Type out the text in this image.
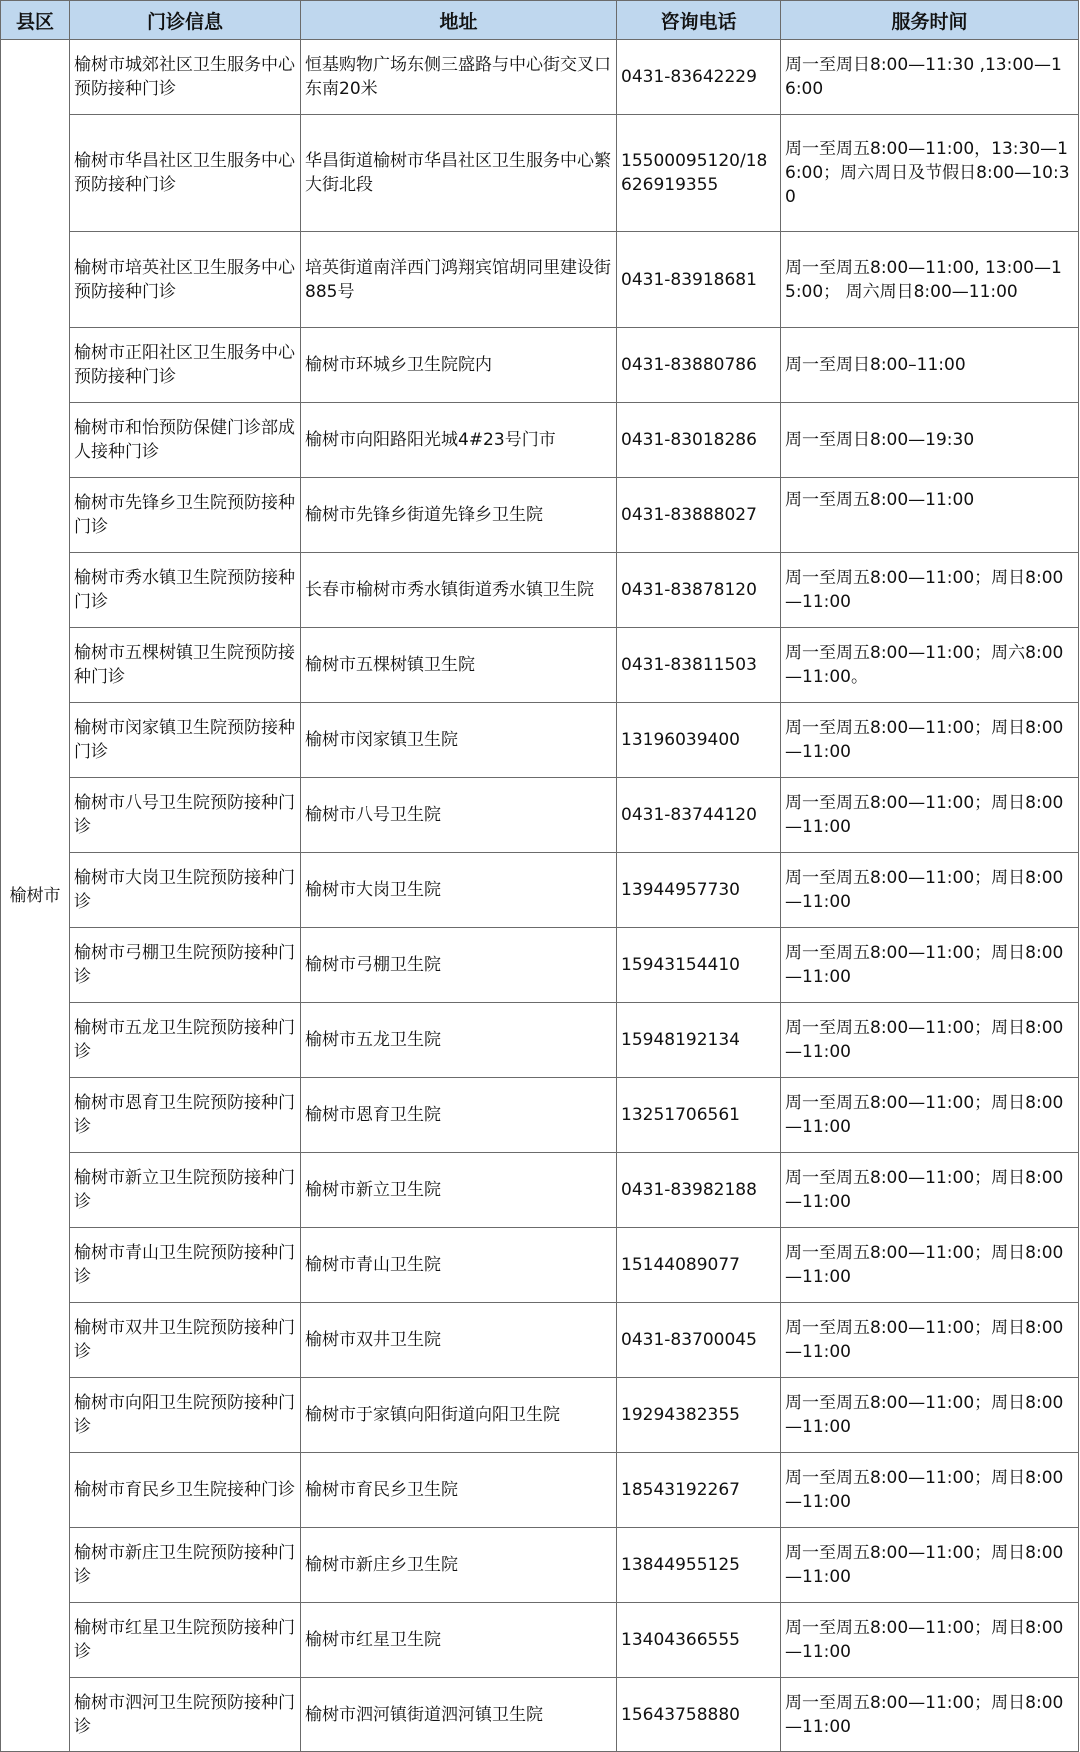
县区	门诊信息	地址	咨询电话	服务时间
榆树市	榆树市城郊社区卫生服务中心预防接种门诊	恒基购物广场东侧三盛路与中心街交叉口东南20米	0431-83642229	周一至周日8:00—11:30 ,13:00—16:00
	榆树市华昌社区卫生服务中心预防接种门诊	华昌街道榆树市华昌社区卫生服务中心繁大街北段	15500095120/18626919355	周一至周五8:00—11:00，13:30—16:00；周六周日及节假日8:00—10:30
	榆树市培英社区卫生服务中心预防接种门诊	培英街道南洋西门鸿翔宾馆胡同里建设街885号	0431-83918681	周一至周五8:00—11:00, 13:00—15:00； 周六周日8:00—11:00
	榆树市正阳社区卫生服务中心预防接种门诊	榆树市环城乡卫生院院内	0431-83880786	周一至周日8:00–11:00
	榆树市和怡预防保健门诊部成人接种门诊	榆树市向阳路阳光城4#23号门市	0431-83018286	周一至周日8:00—19:30
	榆树市先锋乡卫生院预防接种门诊	榆树市先锋乡街道先锋乡卫生院	0431-83888027	周一至周五8:00—11:00

	榆树市秀水镇卫生院预防接种门诊	长春市榆树市秀水镇街道秀水镇卫生院	0431-83878120	周一至周五8:00—11:00；周日8:00—11:00
	榆树市五棵树镇卫生院预防接种门诊	榆树市五棵树镇卫生院	0431-83811503	周一至周五8:00—11:00；周六8:00—11:00。
	榆树市闵家镇卫生院预防接种门诊	榆树市闵家镇卫生院	13196039400	周一至周五8:00—11:00；周日8:00—11:00
	榆树市八号卫生院预防接种门诊	榆树市八号卫生院	0431-83744120	周一至周五8:00—11:00；周日8:00—11:00
	榆树市大岗卫生院预防接种门诊	榆树市大岗卫生院	13944957730	周一至周五8:00—11:00；周日8:00—11:00
	榆树市弓棚卫生院预防接种门诊	榆树市弓棚卫生院	15943154410	周一至周五8:00—11:00；周日8:00—11:00
	榆树市五龙卫生院预防接种门诊	榆树市五龙卫生院	15948192134	周一至周五8:00—11:00；周日8:00—11:00
	榆树市恩育卫生院预防接种门诊	榆树市恩育卫生院	13251706561	周一至周五8:00—11:00；周日8:00—11:00
	榆树市新立卫生院预防接种门诊	榆树市新立卫生院	0431-83982188	周一至周五8:00—11:00；周日8:00—11:00
	榆树市青山卫生院预防接种门诊	榆树市青山卫生院	15144089077	周一至周五8:00—11:00；周日8:00—11:00
	榆树市双井卫生院预防接种门诊	榆树市双井卫生院	0431-83700045	周一至周五8:00—11:00；周日8:00—11:00
	榆树市向阳卫生院预防接种门诊	榆树市于家镇向阳街道向阳卫生院	19294382355	周一至周五8:00—11:00；周日8:00—11:00
	榆树市育民乡卫生院接种门诊	榆树市育民乡卫生院	18543192267	周一至周五8:00—11:00；周日8:00—11:00
	榆树市新庄卫生院预防接种门诊	榆树市新庄乡卫生院	13844955125	周一至周五8:00—11:00；周日8:00—11:00
	榆树市红星卫生院预防接种门诊	榆树市红星卫生院	13404366555	周一至周五8:00—11:00；周日8:00—11:00
	榆树市泗河卫生院预防接种门诊	榆树市泗河镇街道泗河镇卫生院	15643758880	周一至周五8:00—11:00；周日8:00—11:00
